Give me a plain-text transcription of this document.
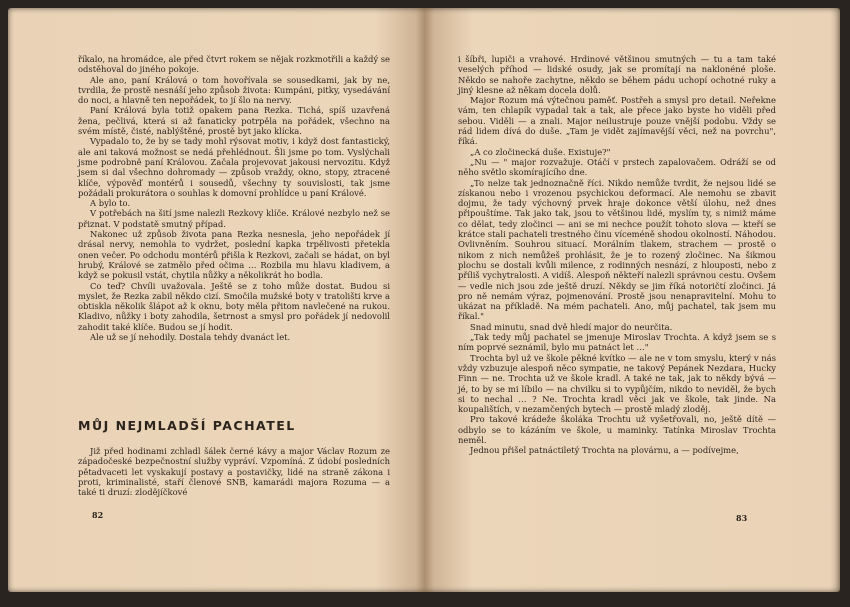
říkalo, na hromádce, ale před čtvrt rokem se nějak rozkmotřili a každý se odstěhoval do jiného pokoje.

Ale ano, paní Králová o tom hovořívala se sousedkami, jak by ne, tvrdila, že prostě nesnáší jeho způsob života: Kumpáni, pitky, vysedávání do noci, a hlavně ten nepořádek, to jí šlo na nervy.

Paní Králová byla totiž opakem pana Rezka. Tichá, spíš uzavřená žena, pečlivá, která si až fanaticky potrpěla na pořádek, všechno na svém místě, čisté, nablýštěné, prostě byt jako klícka.

Vypadalo to, že by se tady mohl rýsovat motiv, i když dost fantastický, ale ani taková možnost se nedá přehlédnout. Šli jsme po tom. Vyslýchali jsme podrobně paní Královou. Začala projevovat jakousi nervozitu. Když jsem si dal všechno dohromady — způsob vraždy, okno, stopy, ztracené klíče, výpověď montérů i sousedů, všechny ty souvislosti, tak jsme požádali prokurátora o souhlas k domovní prohlídce u paní Králové.

A bylo to.

V potřebách na šití jsme nalezli Rezkovy klíče. Králové nezbylo než se přiznat. V podstatě smutný případ.

Nakonec už způsob života pana Rezka nesnesla, jeho nepořádek jí drásal nervy, nemohla to vydržet, poslední kapka trpělivosti přetekla onen večer. Po odchodu montérů přišla k Rezkovi, začali se hádat, on byl hrubý, Králové se zatmělo před očima … Rozbila mu hlavu kladivem, a když se pokusil vstát, chytila nůžky a několikrát ho bodla.

Co teď? Chvíli uvažovala. Ještě se z toho může dostat. Budou si myslet, že Rezka zabil někdo cizí. Smočila mužské boty v tratolišti krve a obtiskla několik šlápot až k oknu, boty měla přitom navlečené na rukou. Kladivo, nůžky i boty zahodila, šetrnost a smysl pro pořádek jí nedovolil zahodit také klíče. Budou se jí hodit.

Ale už se jí nehodily. Dostala tehdy dvanáct let.

MŮJ NEJMLADŠÍ PACHATEL

Již před hodinami zchladl šálek černé kávy a major Václav Rozum ze západočeské bezpečnostní služby vypráví. Vzpomíná. Z údobí posledních pětadvaceti let vyskakují postavy a postavičky, lidé na straně zákona i proti, kriminalisté, staří členové SNB, kamarádi majora Rozuma — a také ti druzí: zlodějíčkové

82

i šíbři, lupiči a vrahové. Hrdinové většinou smutných — tu a tam také veselých příhod — lidské osudy, jak se promítají na naklonéné ploše. Někdo se nahoře zachytne, někdo se během pádu uchopí ochotné ruky a jiný klesne až někam docela dolů.

Major Rozum má výtečnou paměť. Postřeh a smysl pro detail. Neřekne vám, ten chlapík vypadal tak a tak, ale přece jako byste ho viděli před sebou. Viděli — a znali. Major neilustruje pouze vnější podobu. Vždy se rád lidem dívá do duše. „Tam je vidět zajímavější věci, než na povrchu", říká.

„A co zločinecká duše. Existuje?"

„Nu — " major rozvažuje. Otáčí v prstech zapalovačem. Odráží se od něho světlo skomírajícího dne.

„To nelze tak jednoznačně říci. Nikdo nemůže tvrdit, že nejsou lidé se získanou nebo i vrozenou psychickou deformací. Ale nemohu se zbavit dojmu, že tady výchovný prvek hraje dokonce větší úlohu, než dnes připouštíme. Tak jako tak, jsou to většinou lidé, myslím ty, s nimiž máme co dělat, tedy zločinci — ani se mi nechce použít tohoto slova — kteří se krátce stali pachateli trestného činu víceméně shodou okolností. Náhodou. Ovlivněním. Souhrou situací. Morálním tlakem, strachem — prostě o nikom z nich nemůžeš prohlásit, že je to rozený zločinec. Na šikmou plochu se dostali kvůli milence, z rodinných nesnází, z hlouposti, nebo z příliš vychytralosti. A vidíš. Alespoň někteří nalezli správnou cestu. Ovšem — vedle nich jsou zde ještě druzí. Někdy se jim říká notoričtí zločinci. Já pro ně nemám výraz, pojmenování. Prostě jsou nenapravitelní. Mohu to ukázat na příkladě. Na mém pachateli. Ano, můj pachatel, tak jsem mu říkal."

Snad minutu, snad dvě hledí major do neurčita.

„Tak tedy můj pachatel se jmenuje Miroslav Trochta. A když jsem se s ním poprvé seznámil, bylo mu patnáct let …"

Trochta byl už ve škole pěkné kvítko — ale ne v tom smyslu, který v nás vždy vzbuzuje alespoň něco sympatie, ne takový Pepánek Nezdara, Hucky Finn — ne. Trochta už ve škole kradl. A také ne tak, jak to někdy bývá — jé, to by se mi líbilo — na chvilku si to vypůjčím, nikdo to neviděl, že bych si to nechal … ? Ne. Trochta kradl věci jak ve škole, tak jinde. Na koupalištích, v nezamčených bytech — prostě mladý zloděj.

Pro takové krádeže školáka Trochtu už vyšetřovali, no, ještě dítě — odbylo se to kázáním ve škole, u maminky. Tatínka Miroslav Trochta neměl.

Jednou přišel patnáctiletý Trochta na plovárnu, a — podívejme,

83
